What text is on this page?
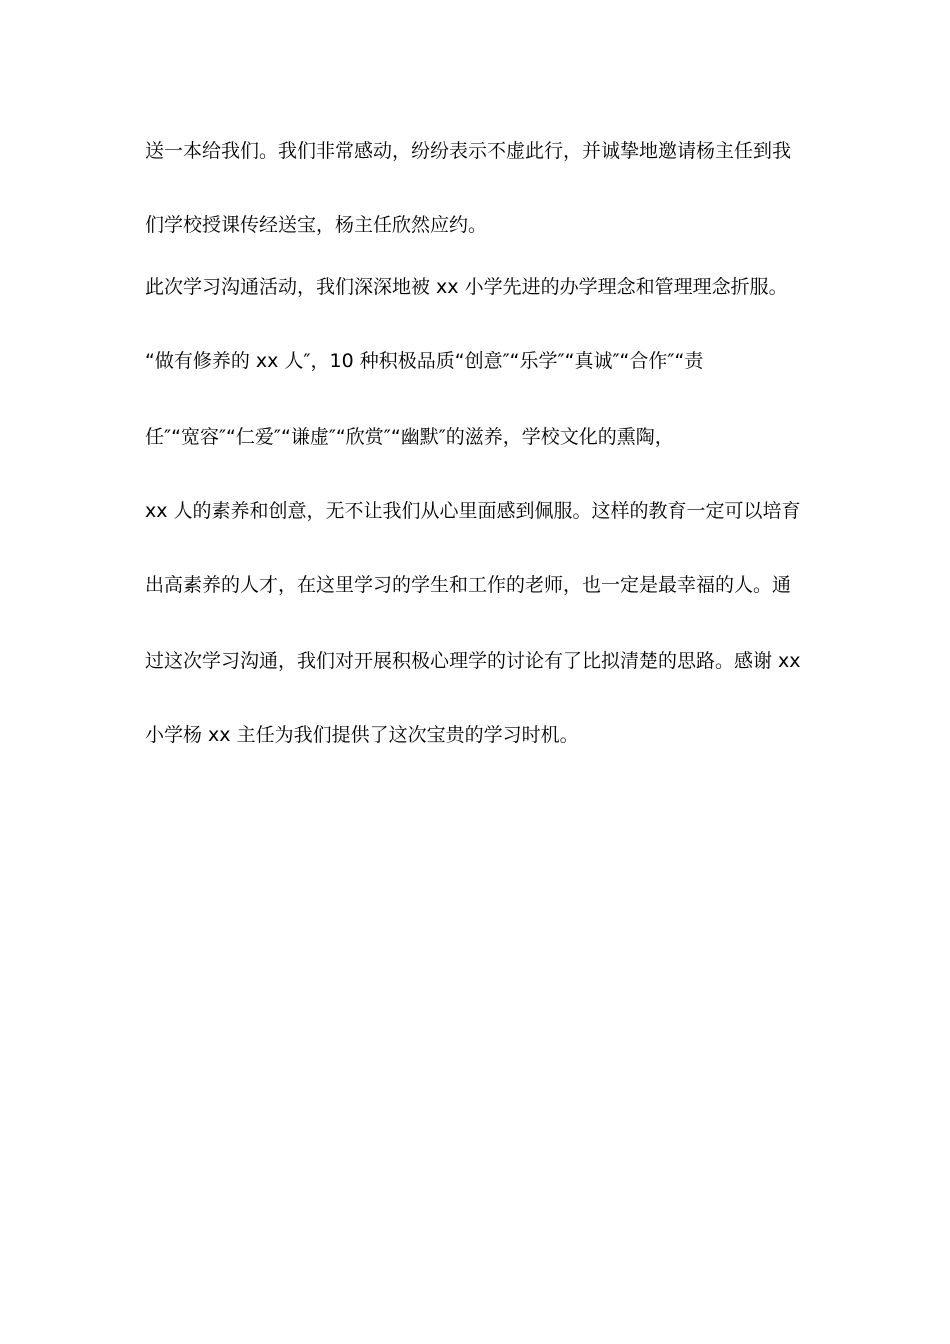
送一本给我们。我们非常感动，纷纷表示不虚此行，并诚挚地邀请杨主任到我
们学校授课传经送宝，杨主任欣然应约。
此次学习沟通活动，我们深深地被 xx 小学先进的办学理念和管理理念折服。
“做有修养的 xx 人″，10 种积极品质“创意″“乐学″“真诚″“合作″“责
任″“宽容″“仁爱″“谦虚″“欣赏″“幽默″的滋养，学校文化的熏陶，
xx 人的素养和创意，无不让我们从心里面感到佩服。这样的教育一定可以培育
出高素养的人才，在这里学习的学生和工作的老师，也一定是最幸福的人。通
过这次学习沟通，我们对开展积极心理学的讨论有了比拟清楚的思路。感谢 xx
小学杨 xx 主任为我们提供了这次宝贵的学习时机。
